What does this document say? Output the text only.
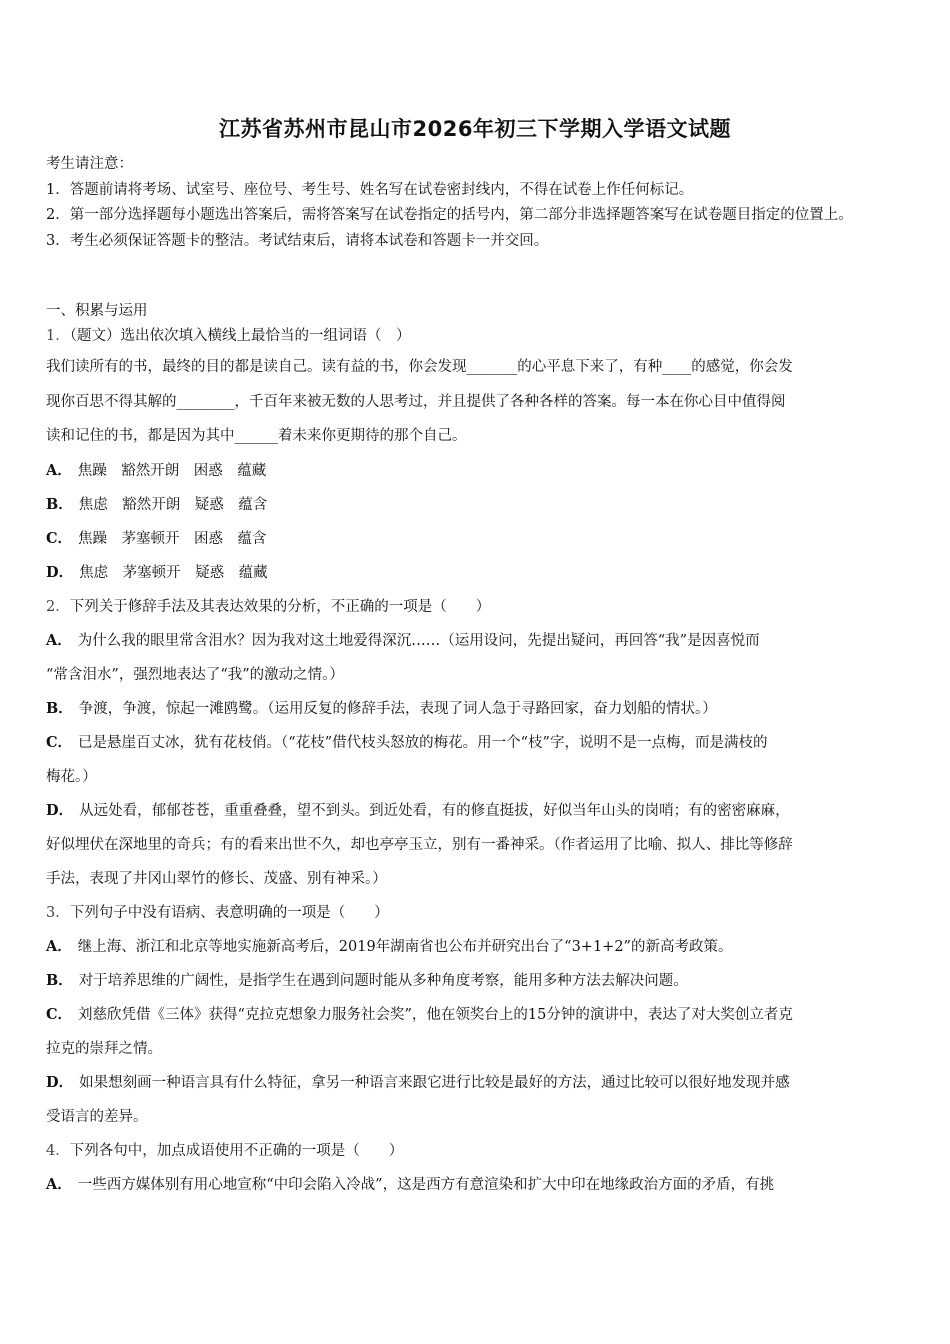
江苏省苏州市昆山市2026年初三下学期入学语文试题

考生请注意：

1．答题前请将考场、试室号、座位号、考生号、姓名写在试卷密封线内，不得在试卷上作任何标记。

2．第一部分选择题每小题选出答案后，需将答案写在试卷指定的括号内，第二部分非选择题答案写在试卷题目指定的位置上。

3．考生必须保证答题卡的整洁。考试结束后，请将本试卷和答题卡一并交回。

一、积累与运用

1．（题文）选出依次填入横线上最恰当的一组词语（　）

我们读所有的书，最终的目的都是读自己。读有益的书，你会发现_______的心平息下来了，有种____的感觉，你会发

现你百思不得其解的________，千百年来被无数的人思考过，并且提供了各种各样的答案。每一本在你心目中值得阅

读和记住的书，都是因为其中______着未来你更期待的那个自己。

A． 焦躁　豁然开朗　困惑　蕴藏

B． 焦虑　豁然开朗　疑惑　蕴含

C． 焦躁　茅塞顿开　困惑　蕴含

D． 焦虑　茅塞顿开　疑惑　蕴藏

2．下列关于修辞手法及其表达效果的分析，不正确的一项是（　　）

A． 为什么我的眼里常含泪水？因为我对这土地爱得深沉……（运用设问，先提出疑问，再回答“我”是因喜悦而

“常含泪水”，强烈地表达了“我”的激动之情。）

B． 争渡，争渡，惊起一滩鸥鹭。（运用反复的修辞手法，表现了词人急于寻路回家，奋力划船的情状。）

C． 已是悬崖百丈冰，犹有花枝俏。（“花枝”借代枝头怒放的梅花。用一个“枝”字，说明不是一点梅，而是满枝的

梅花。）

D． 从远处看，郁郁苍苍，重重叠叠，望不到头。到近处看，有的修直挺拔，好似当年山头的岗哨；有的密密麻麻，

好似埋伏在深地里的奇兵；有的看来出世不久，却也亭亭玉立，别有一番神采。（作者运用了比喻、拟人、排比等修辞

手法，表现了井冈山翠竹的修长、茂盛、别有神采。）

3．下列句子中没有语病、表意明确的一项是（　　）

A． 继上海、浙江和北京等地实施新高考后，2019年湖南省也公布并研究出台了“3+1+2”的新高考政策。

B． 对于培养思维的广阔性，是指学生在遇到问题时能从多种角度考察，能用多种方法去解决问题。

C． 刘慈欣凭借《三体》获得“克拉克想象力服务社会奖”，他在领奖台上的15分钟的演讲中，表达了对大奖创立者克

拉克的崇拜之情。

D． 如果想刻画一种语言具有什么特征，拿另一种语言来跟它进行比较是最好的方法，通过比较可以很好地发现并感

受语言的差异。

4．下列各句中，加点成语使用不正确的一项是（　　）

A． 一些西方媒体别有用心地宣称“中印会陷入冷战”，这是西方有意渲染和扩大中印在地缘政治方面的矛盾，有挑
